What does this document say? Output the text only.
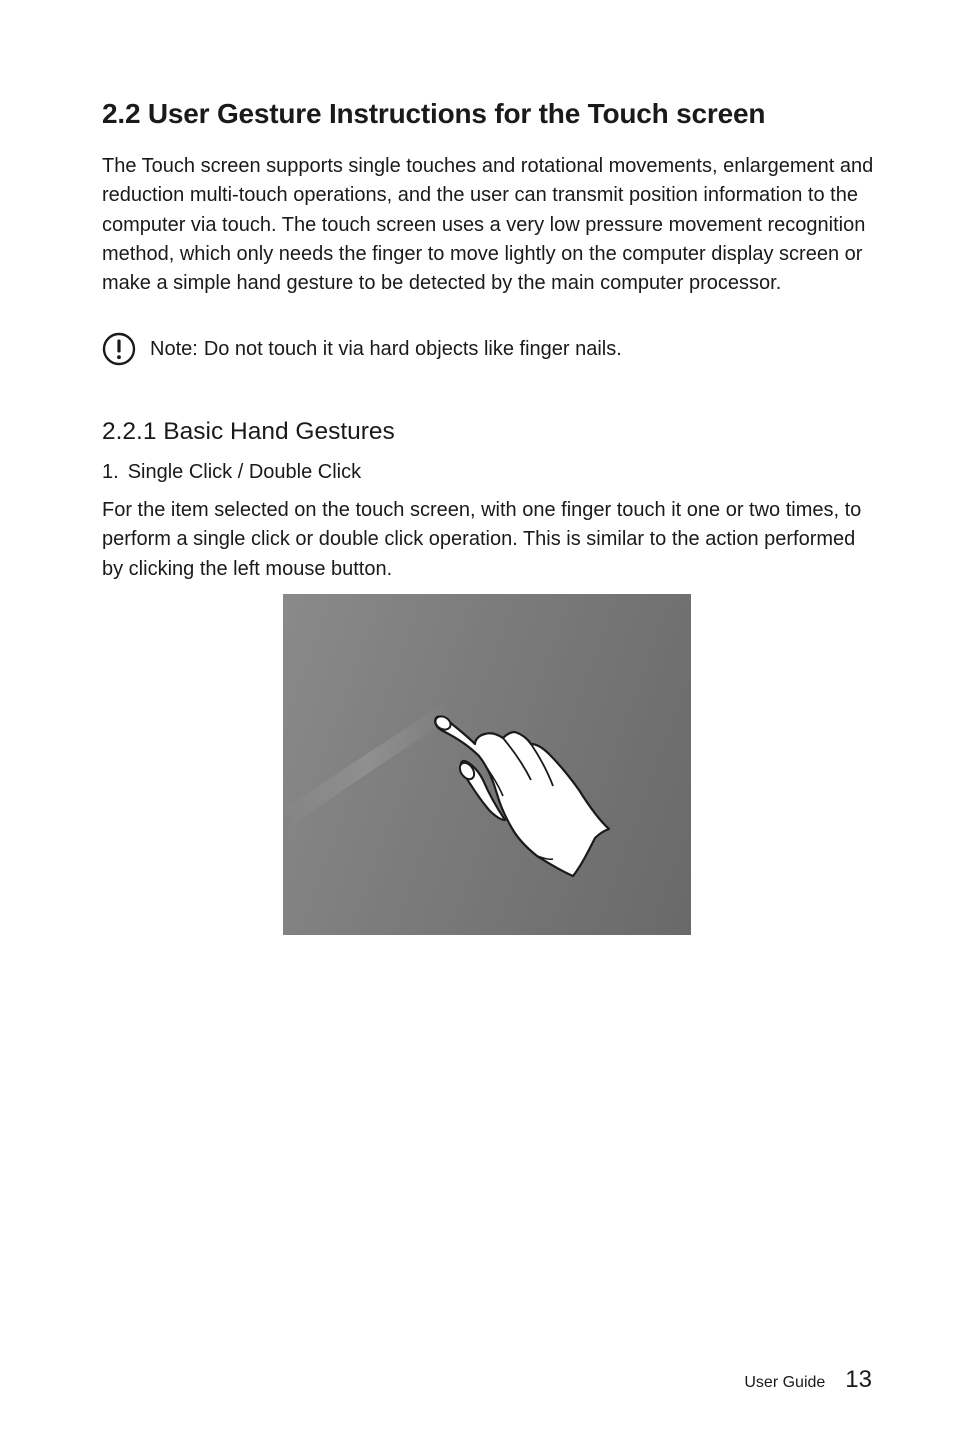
2.2 User Gesture Instructions for the Touch screen

The Touch screen supports single touches and rotational movements, enlargement and reduction multi-touch operations, and the user can transmit position information to the computer via touch. The touch screen uses a very low pressure movement recognition method, which only needs the finger to move lightly on the computer display screen or make a simple hand gesture to be detected by the main computer processor.

Note: Do not touch it via hard objects like finger nails.
2.2.1 Basic Hand Gestures

1. Single Click / Double Click

For the item selected on the touch screen, with one finger touch it one or two times, to perform a single click or double click operation. This is similar to the action performed by clicking the left mouse button.

User Guide 13
